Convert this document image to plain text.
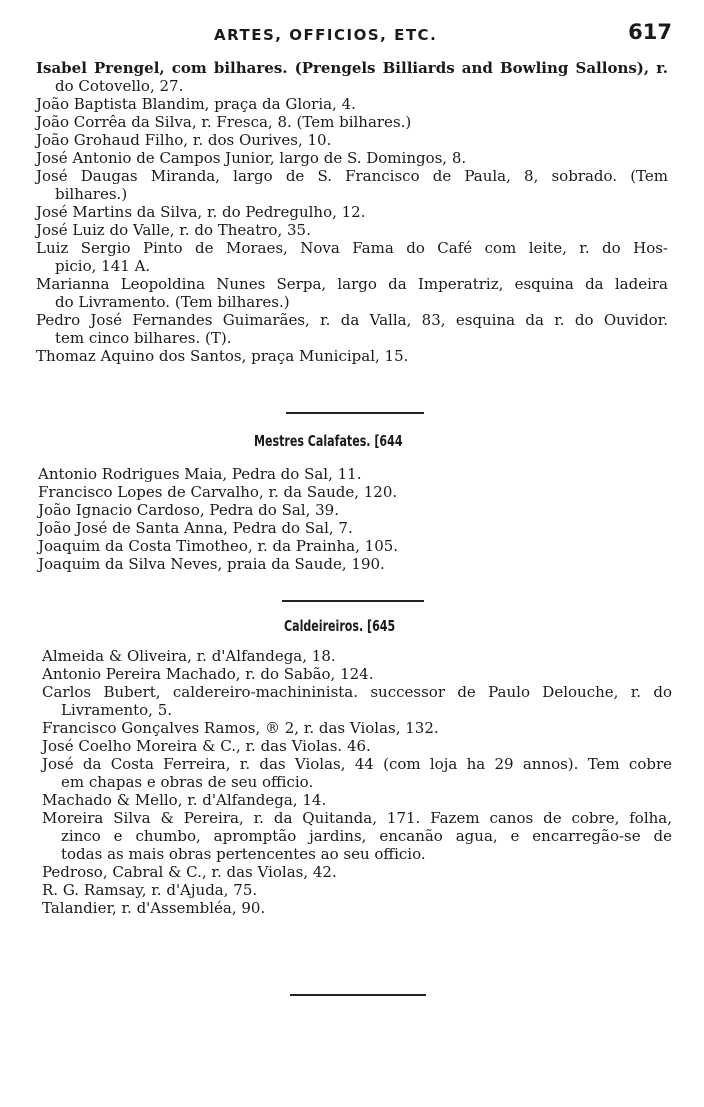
ARTES, OFFICIOS, ETC.	617
Isabel Prengel, com bilhares. (Prengels Billiards and Bowling Sallons), r.
do Cotovello, 27.
João Baptista Blandim, praça da Gloria, 4.
João Corrêa da Silva, r. Fresca, 8. (Tem bilhares.)
João Grohaud Filho, r. dos Ourives, 10.
José Antonio de Campos Junior, largo de S. Domingos, 8.
José Daugas Miranda, largo de S. Francisco de Paula, 8, sobrado. (Tem
bilhares.)
José Martins da Silva, r. do Pedregulho, 12.
José Luiz do Valle, r. do Theatro, 35.
Luiz Sergio Pinto de Moraes, Nova Fama do Café com leite, r. do Hos-
picio, 141 A.
Marianna Leopoldina Nunes Serpa, largo da Imperatriz, esquina da ladeira
do Livramento. (Tem bilhares.)
Pedro José Fernandes Guimarães, r. da Valla, 83, esquina da r. do Ouvidor.
tem cinco bilhares. (T).
Thomaz Aquino dos Santos, praça Municipal, 15.
Mestres Calafates. [644
Antonio Rodrigues Maia, Pedra do Sal, 11.
Francisco Lopes de Carvalho, r. da Saude, 120.
João Ignacio Cardoso, Pedra do Sal, 39.
João José de Santa Anna, Pedra do Sal, 7.
Joaquim da Costa Timotheo, r. da Prainha, 105.
Joaquim da Silva Neves, praia da Saude, 190.
Caldeireiros. [645
Almeida & Oliveira, r. d'Alfandega, 18.
Antonio Pereira Machado, r. do Sabão, 124.
Carlos Bubert, caldereiro-machininista. successor de Paulo Delouche, r. do
Livramento, 5.
Francisco Gonçalves Ramos, ® 2, r. das Violas, 132.
José Coelho Moreira & C., r. das Violas. 46.
José da Costa Ferreira, r. das Violas, 44 (com loja ha 29 annos). Tem cobre
em chapas e obras de seu officio.
Machado & Mello, r. d'Alfandega, 14.
Moreira Silva & Pereira, r. da Quitanda, 171. Fazem canos de cobre, folha,
zinco e chumbo, apromptão jardins, encanão agua, e encarregão-se de
todas as mais obras pertencentes ao seu officio.
Pedroso, Cabral & C., r. das Violas, 42.
R. G. Ramsay, r. d'Ajuda, 75.
Talandier, r. d'Assembléa, 90.
